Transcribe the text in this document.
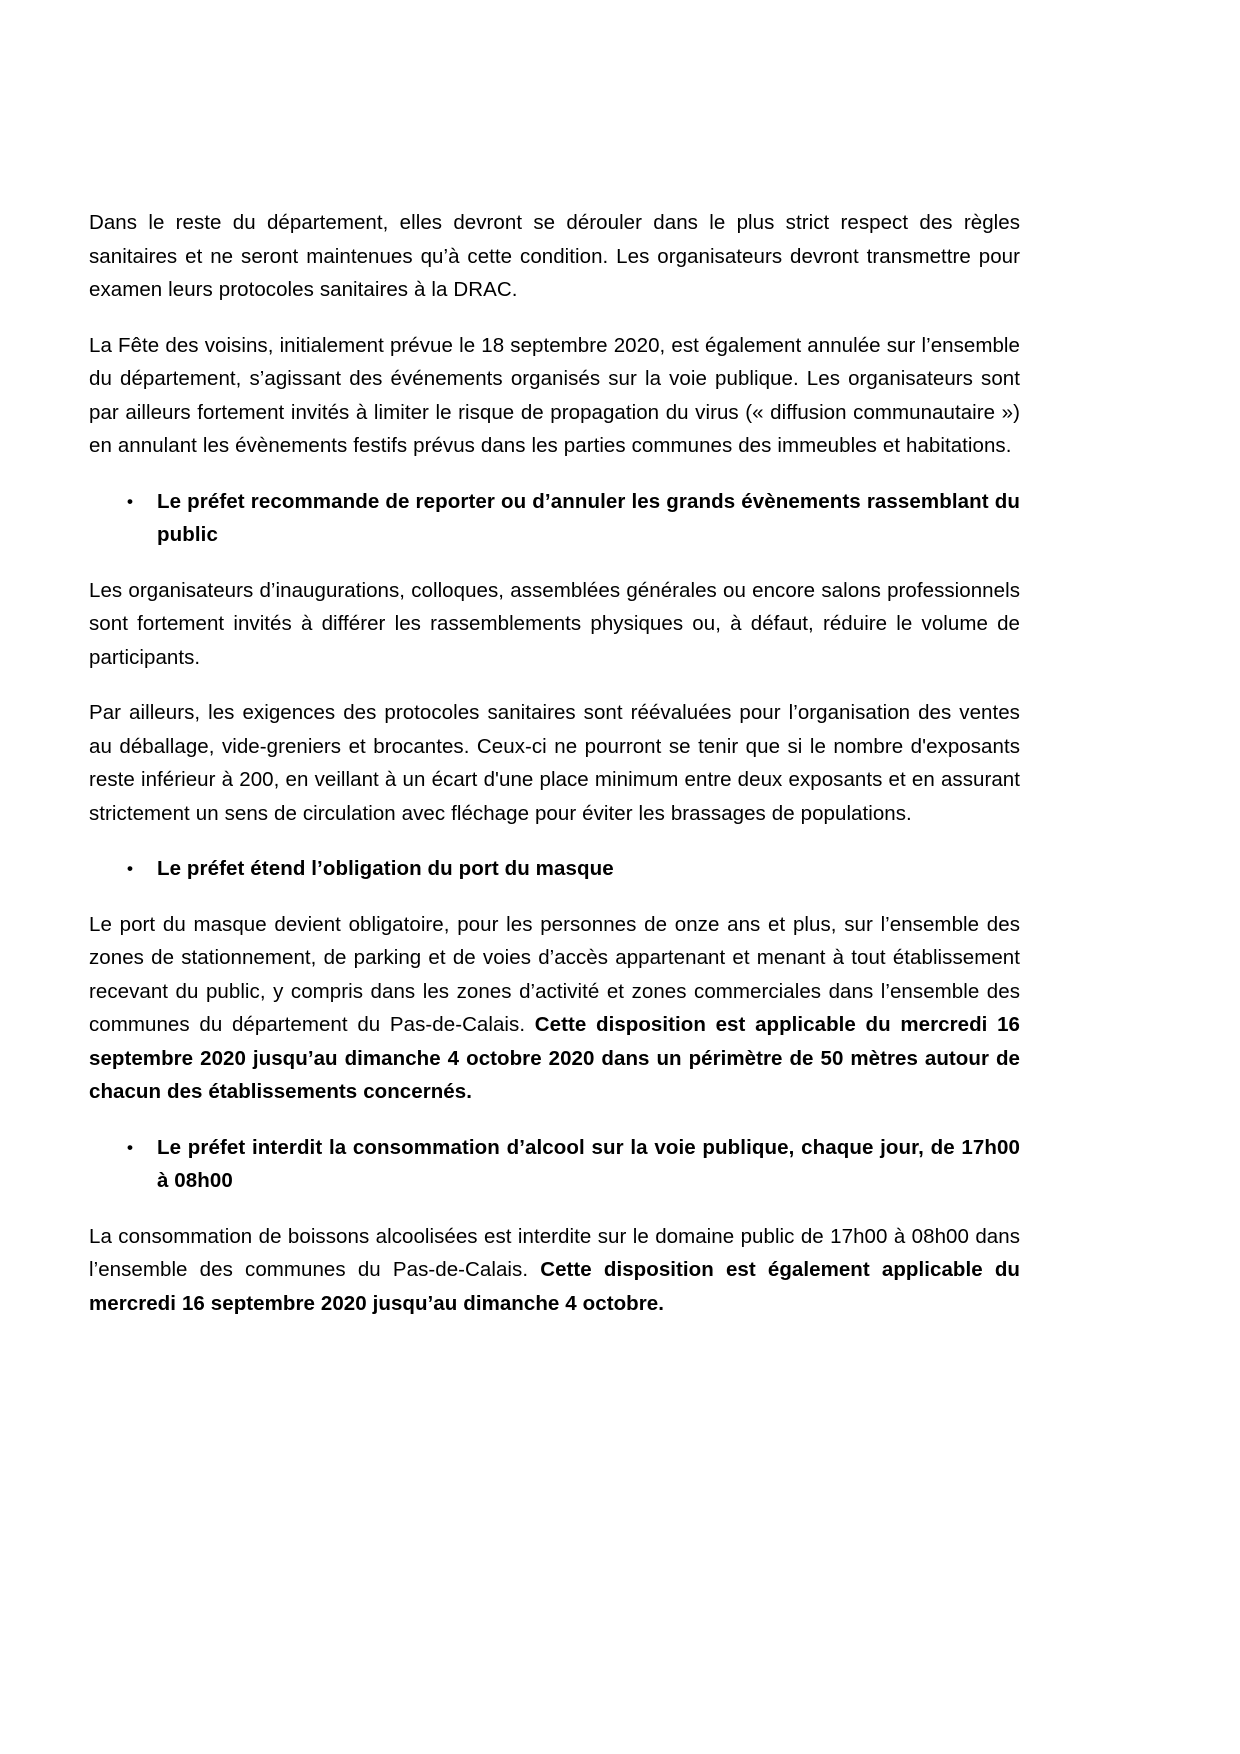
Dans le reste du département, elles devront se dérouler dans le plus strict respect des règles sanitaires et ne seront maintenues qu’à cette condition. Les organisateurs devront transmettre pour examen leurs protocoles sanitaires à la DRAC.

La Fête des voisins, initialement prévue le 18 septembre 2020, est également annulée sur l’ensemble du département, s’agissant des événements organisés sur la voie publique. Les organisateurs sont par ailleurs fortement invités à limiter le risque de propagation du virus (« diffusion communautaire ») en annulant les évènements festifs prévus dans les parties communes des immeubles et habitations.

• Le préfet recommande de reporter ou d’annuler les grands évènements rassemblant du public

Les organisateurs d’inaugurations, colloques, assemblées générales ou encore salons professionnels sont fortement invités à différer les rassemblements physiques ou, à défaut, réduire le volume de participants.

Par ailleurs, les exigences des protocoles sanitaires sont réévaluées pour l’organisation des ventes au déballage, vide-greniers et brocantes. Ceux-ci ne pourront se tenir que si le nombre d'exposants reste inférieur à 200, en veillant à un écart d'une place minimum entre deux exposants et en assurant strictement un sens de circulation avec fléchage pour éviter les brassages de populations.

• Le préfet étend l’obligation du port du masque

Le port du masque devient obligatoire, pour les personnes de onze ans et plus, sur l’ensemble des zones de stationnement, de parking et de voies d’accès appartenant et menant à tout établissement recevant du public, y compris dans les zones d’activité et zones commerciales dans l’ensemble des communes du département du Pas-de-Calais. Cette disposition est applicable du mercredi 16 septembre 2020 jusqu’au dimanche 4 octobre 2020 dans un périmètre de 50 mètres autour de chacun des établissements concernés.

• Le préfet interdit la consommation d’alcool sur la voie publique, chaque jour, de 17h00 à 08h00

La consommation de boissons alcoolisées est interdite sur le domaine public de 17h00 à 08h00 dans l’ensemble des communes du Pas-de-Calais. Cette disposition est également applicable du mercredi 16 septembre 2020 jusqu’au dimanche 4 octobre.
